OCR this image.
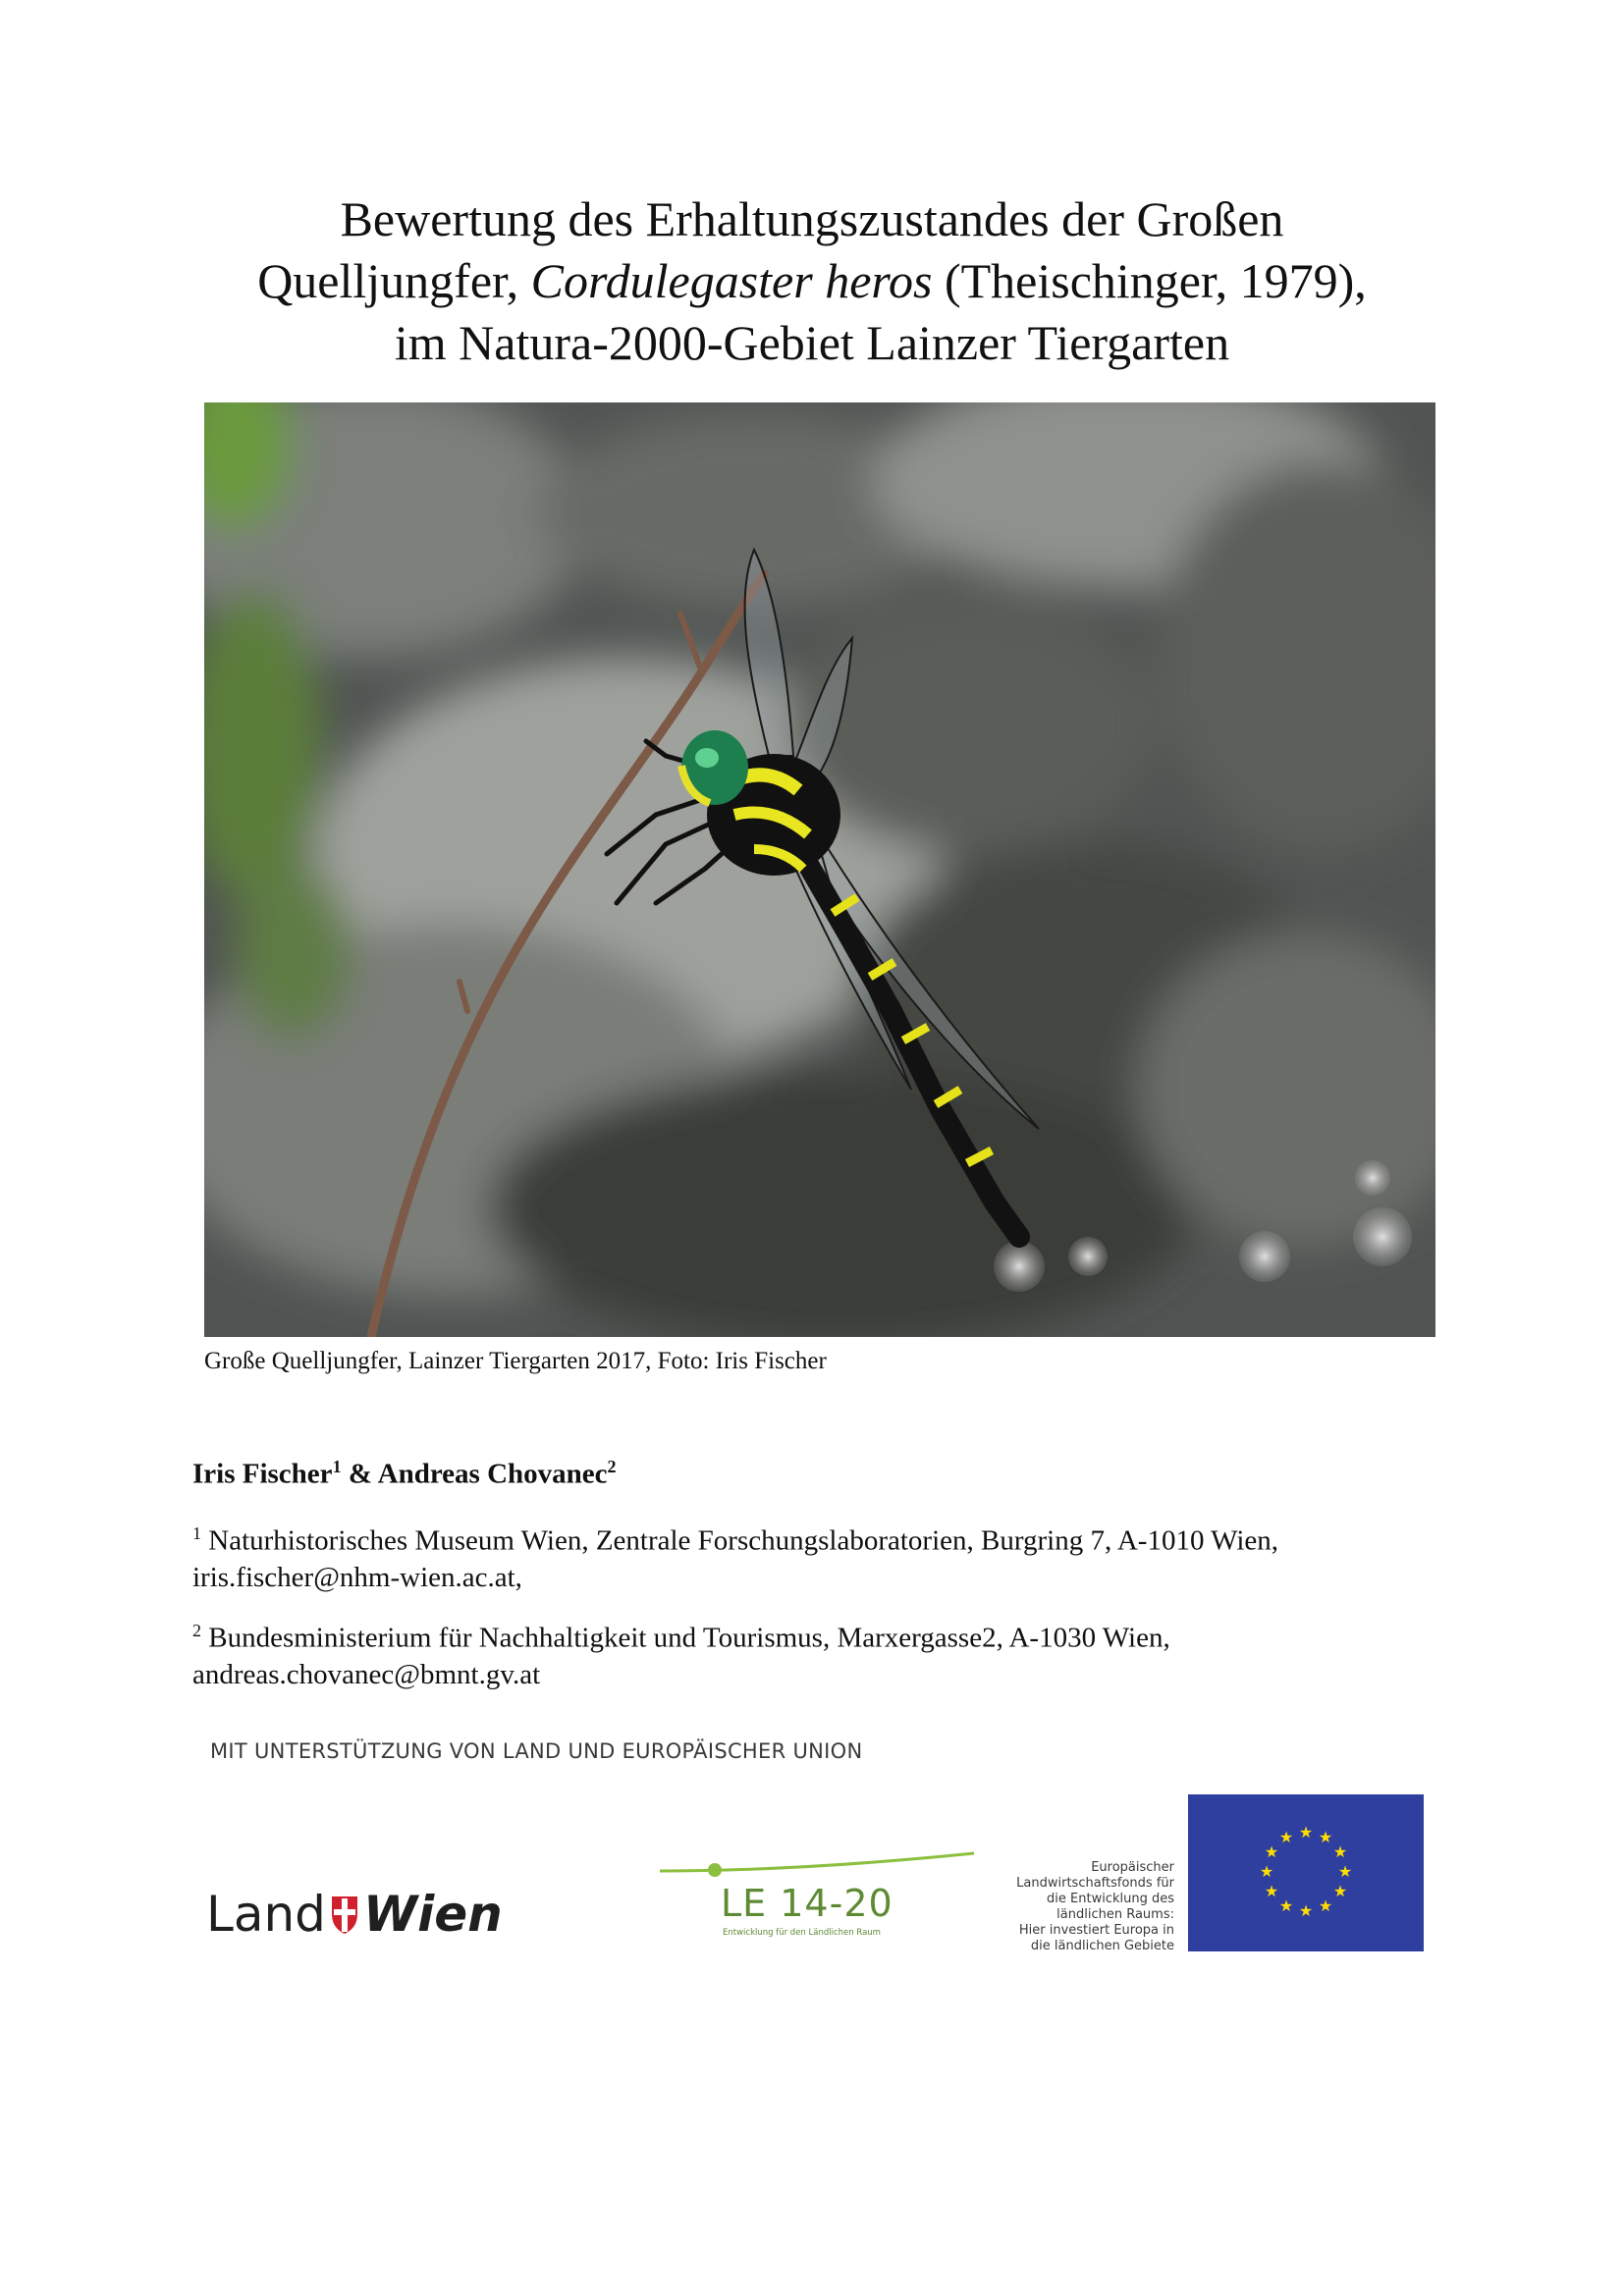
Bewertung des Erhaltungszustandes der Großen
Quelljungfer, Cordulegaster heros (Theischinger, 1979),
im Natura-2000-Gebiet Lainzer Tiergarten
Große Quelljungfer, Lainzer Tiergarten 2017, Foto: Iris Fischer
Iris Fischer$^1$ & Andreas Chovanec$^2$
$^1$ Naturhistorisches Museum Wien, Zentrale Forschungslaboratorien, Burgring 7, A-1010 Wien, iris.fischer@nhm-wien.ac.at,
$^2$ Bundesministerium für Nachhaltigkeit und Tourismus, Marxergasse2, A-1030 Wien, andreas.chovanec@bmnt.gv.at
MIT UNTERSTÜTZUNG VON LAND UND EUROPÄISCHER UNION
Land Wien	LE 14-20
Entwicklung für den Ländlichen Raum
Europäischer
Landwirtschaftsfonds für
die Entwicklung des
ländlichen Raums:
Hier investiert Europa in
die ländlichen Gebiete
★ ★
★
★
★
★
★
★
★
★
★
★
